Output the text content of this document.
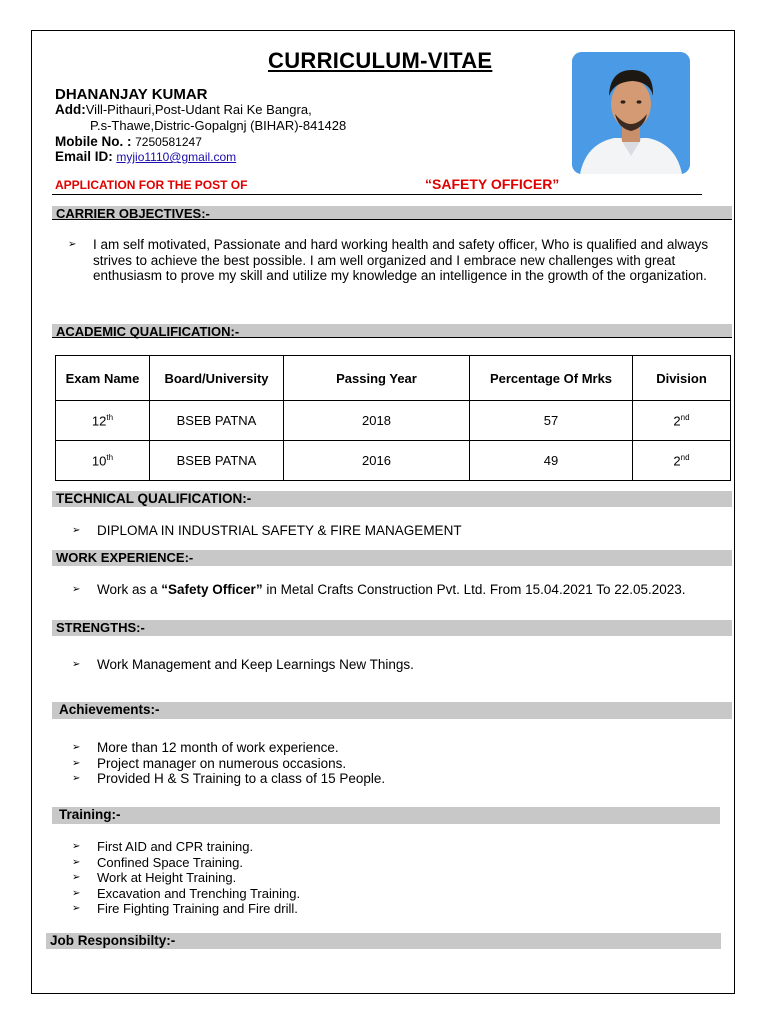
CURRICULUM-VITAE
DHANANJAY KUMAR
Add:Vill-Pithauri,Post-Udant Rai Ke Bangra,
P.s-Thawe,Distric-Gopalgnj (BIHAR)-841428
Mobile No. : 7250581247
Email ID: myjio1110@gmail.com
APPLICATION FOR THE POST OF	“SAFETY OFFICER”
CARRIER OBJECTIVES:-
➢ I am self motivated, Passionate and hard working health and safety officer, Who is qualified and always strives to achieve the best possible. I am well organized and I embrace new challenges with great enthusiasm to prove my skill and utilize my knowledge an intelligence in the growth of the organization.
ACADEMIC QUALIFICATION:-
Exam Name	Board/University	Passing Year	Percentage Of Mrks	Division
12th	BSEB PATNA	2018	57	2nd
10th	BSEB PATNA	2016	49	2nd
TECHNICAL QUALIFICATION:-
➢ DIPLOMA IN INDUSTRIAL SAFETY & FIRE MANAGEMENT
WORK EXPERIENCE:-
➢ Work as a “Safety Officer” in Metal Crafts Construction Pvt. Ltd. From 15.04.2021 To 22.05.2023.
STRENGTHS:-
➢ Work Management and Keep Learnings New Things.
Achievements:-
➢ More than 12 month of work experience.
➢ Project manager on numerous occasions.
➢ Provided H & S Training to a class of 15 People.
Training:-
➢ First AID and CPR training.
➢ Confined Space Training.
➢ Work at Height Training.
➢ Excavation and Trenching Training.
➢ Fire Fighting Training and Fire drill.
Job Responsibilty:-
